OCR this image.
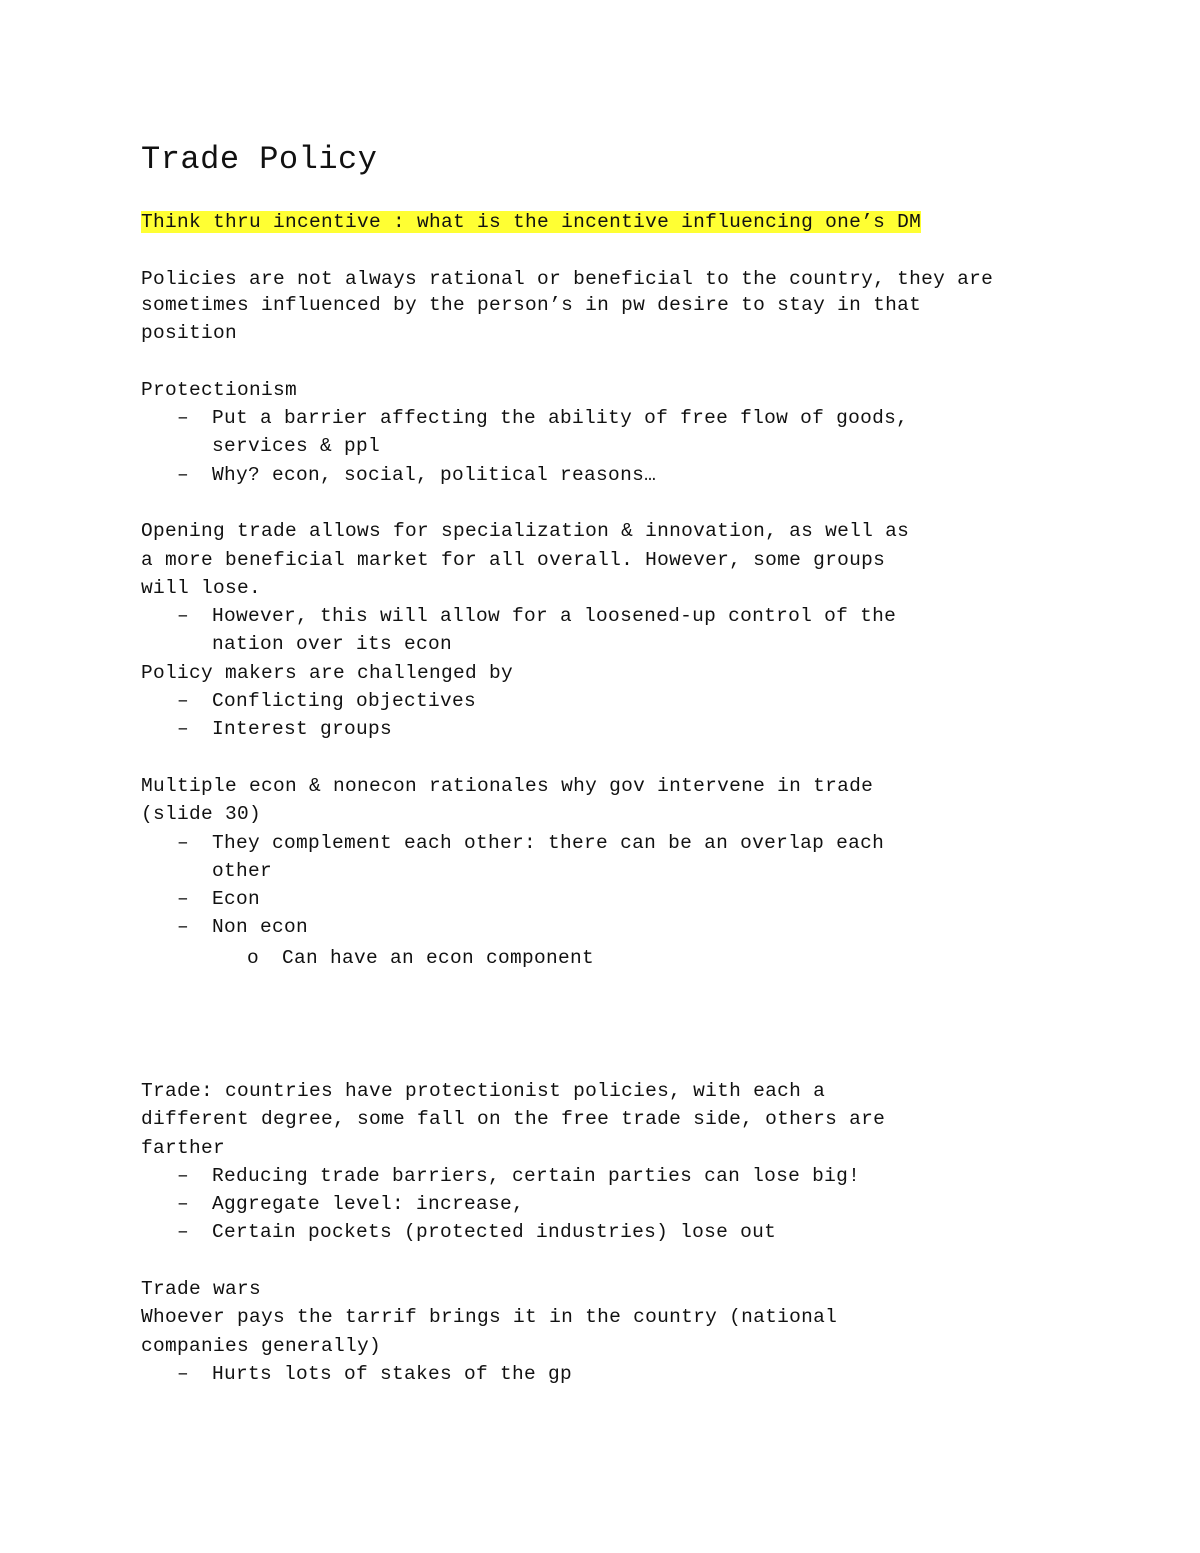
Trade Policy
Think thru incentive : what is the incentive influencing one’s DM
Policies are not always rational or beneficial to the country, they are
sometimes influenced by the person’s in pw desire to stay in that
position
Protectionism
– Put a barrier affecting the ability of free flow of goods,
services & ppl
– Why? econ, social, political reasons…
Opening trade allows for specialization & innovation, as well as
a more beneficial market for all overall. However, some groups
will lose.
– However, this will allow for a loosened-up control of the
nation over its econ
Policy makers are challenged by
– Conflicting objectives
– Interest groups
Multiple econ & nonecon rationales why gov intervene in trade
(slide 30)
– They complement each other: there can be an overlap each
other
– Econ
– Non econ
o Can have an econ component
Trade: countries have protectionist policies, with each a
different degree, some fall on the free trade side, others are
farther
– Reducing trade barriers, certain parties can lose big!
– Aggregate level: increase,
– Certain pockets (protected industries) lose out
Trade wars
Whoever pays the tarrif brings it in the country (national
companies generally)
– Hurts lots of stakes of the gp
